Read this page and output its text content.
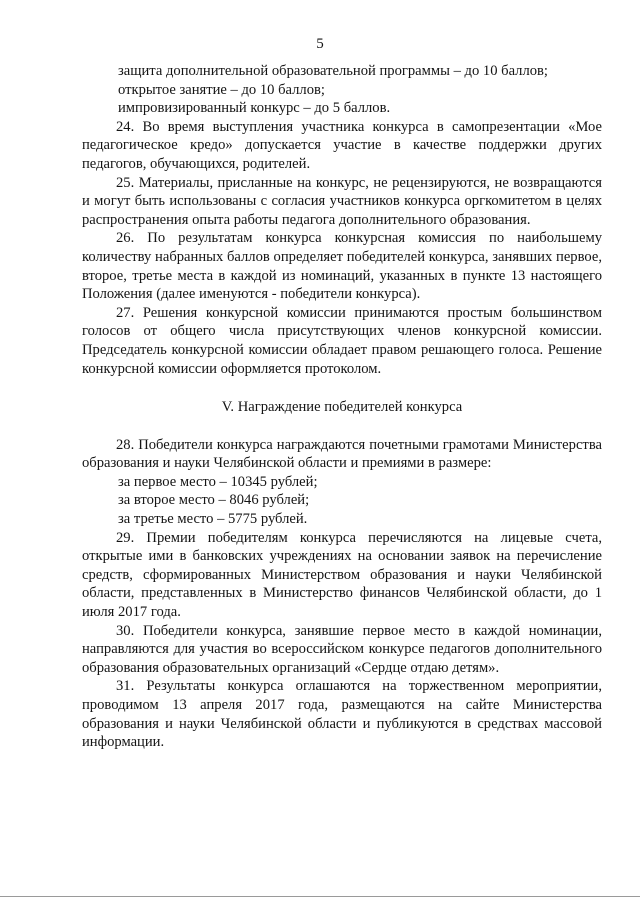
5

защита дополнительной образовательной программы – до 10 баллов;

открытое занятие – до 10 баллов;

импровизированный конкурс – до 5 баллов.

24. Во время выступления участника конкурса в самопрезентации «Мое педагогическое кредо» допускается участие в качестве поддержки других педагогов, обучающихся, родителей.

25. Материалы, присланные на конкурс, не рецензируются, не возвращаются и могут быть использованы с согласия участников конкурса оргкомитетом в целях распространения опыта работы педагога дополнительного образования.

26. По результатам конкурса конкурсная комиссия по наибольшему количеству набранных баллов определяет победителей конкурса, занявших первое, второе, третье места в каждой из номинаций, указанных в пункте 13 настоящего Положения (далее именуются - победители конкурса).

27. Решения конкурсной комиссии принимаются простым большинством голосов от общего числа присутствующих членов конкурсной комиссии. Председатель конкурсной комиссии обладает правом решающего голоса. Решение конкурсной комиссии оформляется протоколом.

V. Награждение победителей конкурса

28. Победители конкурса награждаются почетными грамотами Министерства образования и науки Челябинской области и премиями в размере:

за первое место – 10345 рублей;

за второе место – 8046 рублей;

за третье место – 5775 рублей.

29. Премии победителям конкурса перечисляются на лицевые счета, открытые ими в банковских учреждениях на основании заявок на перечисление средств, сформированных Министерством образования и науки Челябинской области, представленных в Министерство финансов Челябинской области, до 1 июля 2017 года.

30. Победители конкурса, занявшие первое место в каждой номинации, направляются для участия во всероссийском конкурсе педагогов дополнительного образования образовательных организаций «Сердце отдаю детям».

31. Результаты конкурса оглашаются на торжественном мероприятии, проводимом 13 апреля 2017 года, размещаются на сайте Министерства образования и науки Челябинской области и публикуются в средствах массовой информации.
